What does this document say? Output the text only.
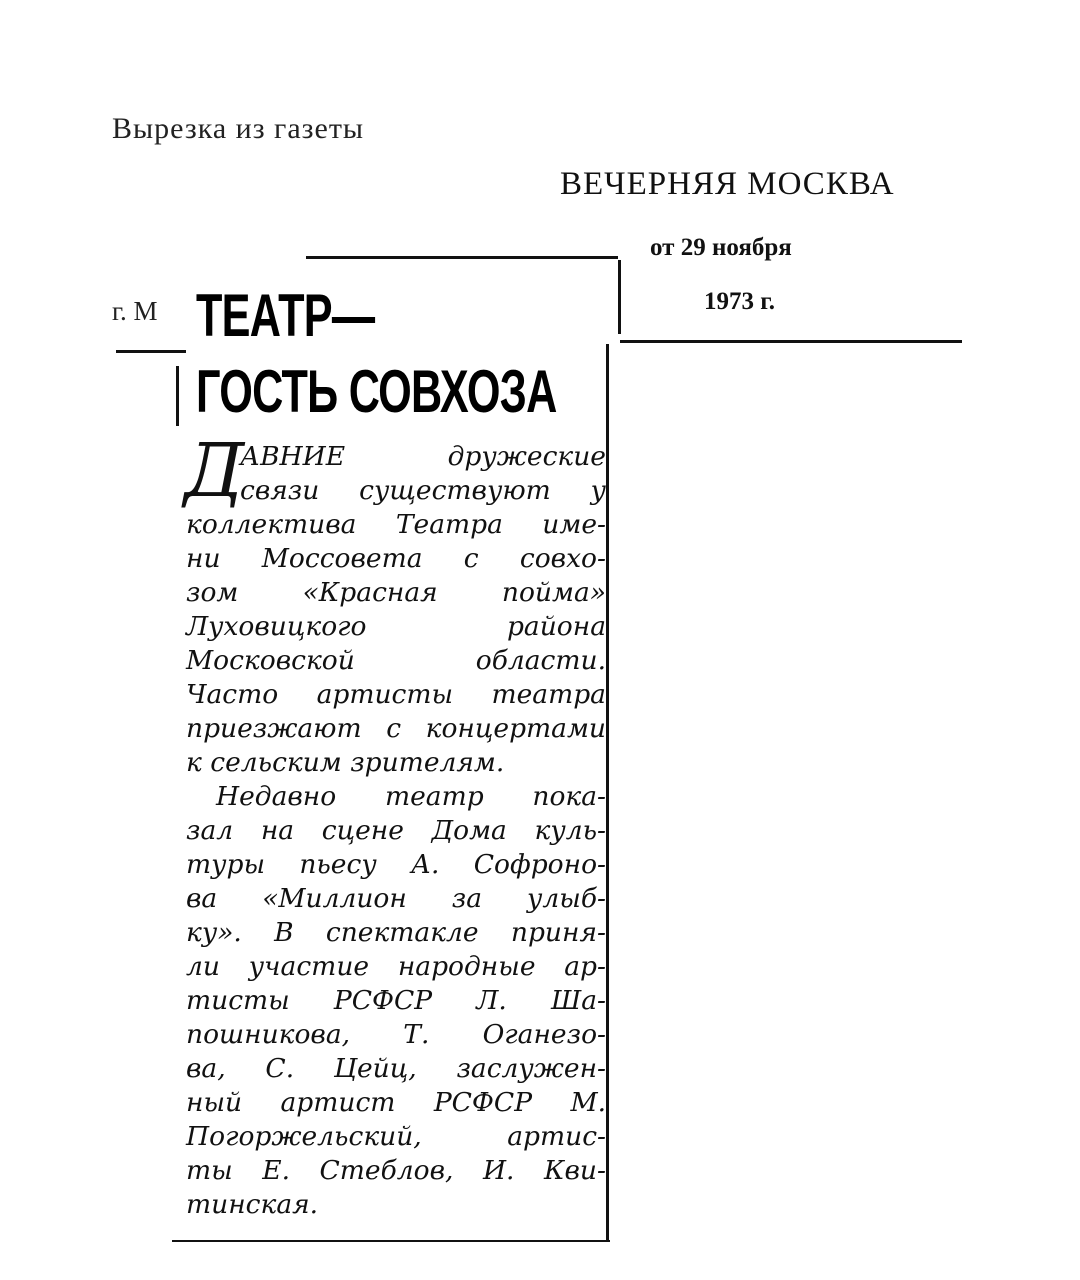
Вырезка из газеты
ВЕЧЕРНЯЯ МОСКВА
от 29 ноября
1973 г.
г. М ТЕАТР—
ГОСТЬ СОВХОЗА
Д
АВНИЕ	дружеские
связи существуют у
коллектива Театра име-
ни Моссовета с совхо-
зом «Красная пойма»
Луховицкого	района
Московской	области.
Часто артисты театра
приезжают с концертами
к сельским зрителям.
Недавно театр пока-
зал на сцене Дома куль-
туры пьесу А. Софроно-
ва «Миллион за улыб-
ку». В спектакле приня-
ли участие народные ар-
тисты РСФСР Л. Ша-
пошникова, Т. Оганезо-
ва, С. Цейц, заслужен-
ный артист РСФСР М.
Погоржельский,	артис-
ты Е. Стеблов, И. Кви-
тинская.
